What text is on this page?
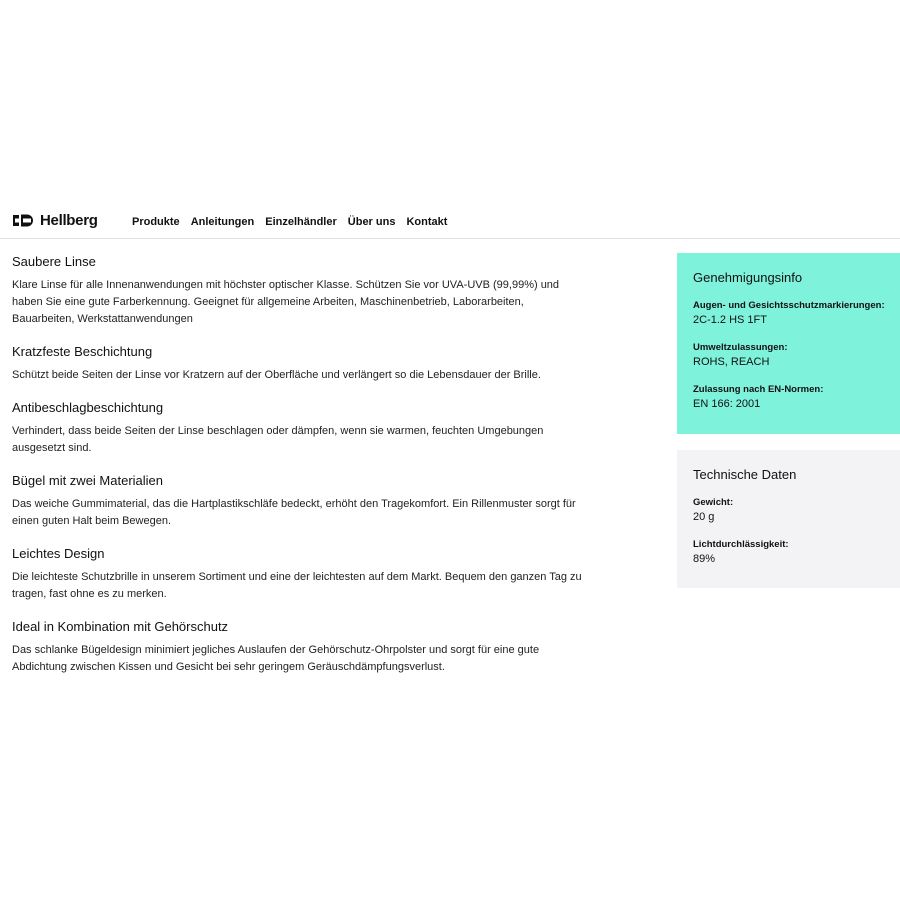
Hellberg	Produkte Anleitungen Einzelhändler Über uns Kontakt
Saubere Linse

Klare Linse für alle Innenanwendungen mit höchster optischer Klasse. Schützen Sie vor UVA-UVB (99,99%) und haben Sie eine gute Farberkennung. Geeignet für allgemeine Arbeiten, Maschinenbetrieb, Laborarbeiten, Bauarbeiten, Werkstattanwendungen

Kratzfeste Beschichtung

Schützt beide Seiten der Linse vor Kratzern auf der Oberfläche und verlängert so die Lebensdauer der Brille.

Antibeschlagbeschichtung

Verhindert, dass beide Seiten der Linse beschlagen oder dämpfen, wenn sie warmen, feuchten Umgebungen ausgesetzt sind.

Bügel mit zwei Materialien

Das weiche Gummimaterial, das die Hartplastikschläfe bedeckt, erhöht den Tragekomfort. Ein Rillenmuster sorgt für einen guten Halt beim Bewegen.

Leichtes Design

Die leichteste Schutzbrille in unserem Sortiment und eine der leichtesten auf dem Markt. Bequem den ganzen Tag zu tragen, fast ohne es zu merken.

Ideal in Kombination mit Gehörschutz

Das schlanke Bügeldesign minimiert jegliches Auslaufen der Gehörschutz-Ohrpolster und sorgt für eine gute Abdichtung zwischen Kissen und Gesicht bei sehr geringem Geräuschdämpfungsverlust.

Genehmigungsinfo
Augen- und Gesichtsschutzmarkierungen:
2C-1.2 HS 1FT
Umweltzulassungen:
ROHS, REACH
Zulassung nach EN-Normen:
EN 166: 2001
Technische Daten
Gewicht:
20 g
Lichtdurchlässigkeit:
89%
